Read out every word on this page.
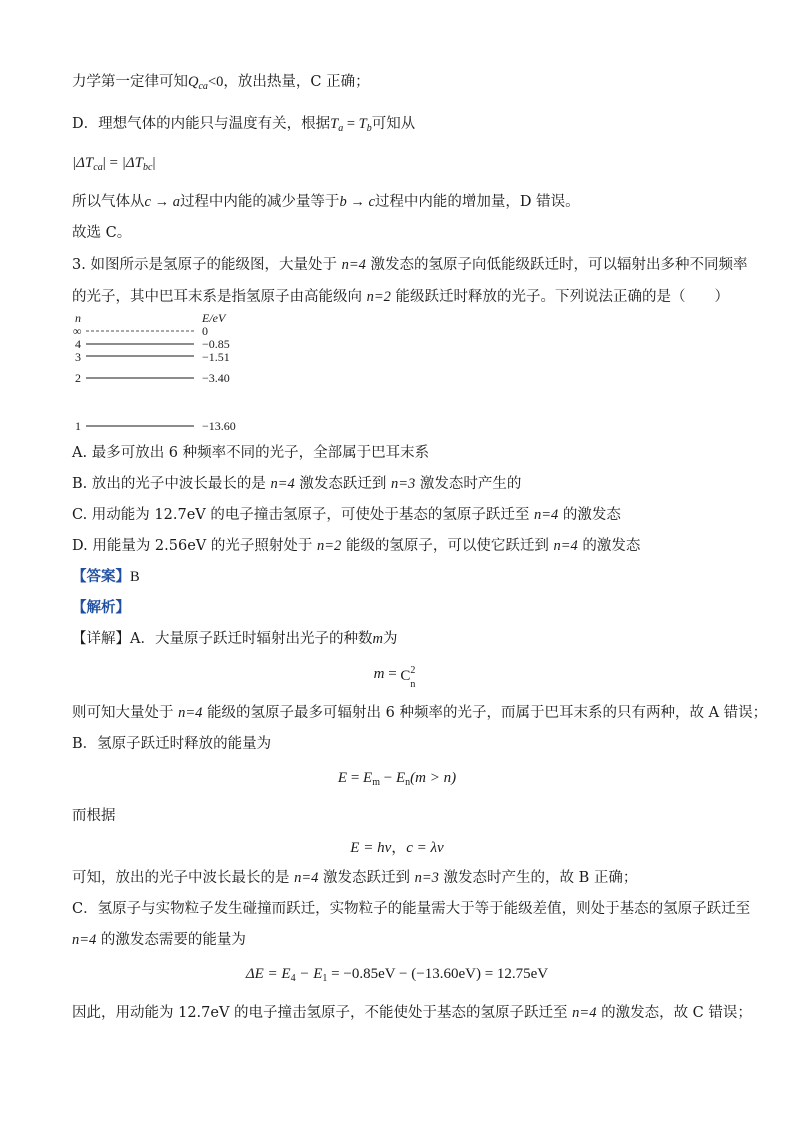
力学第一定律可知$Q_{ca}<0$，放出热量，C 正确；
D．理想气体的内能只与温度有关，根据$T_a = T_b$可知从
$|\Delta T_{ca}| = |\Delta T_{bc}|$
所以气体从c → a过程中内能的减少量等于b → c过程中内能的增加量，D 错误。
故选 C。
3. 如图所示是氢原子的能级图，大量处于 n=4 激发态的氢原子向低能级跃迁时，可以辐射出多种不同频率
的光子，其中巴耳末系是指氢原子由高能级向 n=2 能级跃迁时释放的光子。下列说法正确的是（　　）
n	E/eV
∞	0
4	−0.85
3	−1.51
2	−3.40
1	−13.60
A. 最多可放出 6 种频率不同的光子，全部属于巴耳末系
B. 放出的光子中波长最长的是 n=4 激发态跃迁到 n=3 激发态时产生的
C. 用动能为 12.7eV 的电子撞击氢原子，可使处于基态的氢原子跃迁至 n=4 的激发态
D. 用能量为 2.56eV 的光子照射处于 n=2 能级的氢原子，可以使它跃迁到 n=4 的激发态
【答案】B
【解析】
【详解】A．大量原子跃迁时辐射出光子的种数m为
m = C 2
n
则可知大量处于 n=4 能级的氢原子最多可辐射出 6 种频率的光子，而属于巴耳末系的只有两种，故 A 错误；
B．氢原子跃迁时释放的能量为
$E = E_m - E_n(m > n)$
而根据
E = hν，c = λν
可知，放出的光子中波长最长的是 n=4 激发态跃迁到 n=3 激发态时产生的，故 B 正确；
C．氢原子与实物粒子发生碰撞而跃迁，实物粒子的能量需大于等于能级差值，则处于基态的氢原子跃迁至
n=4 的激发态需要的能量为
$\Delta E = E_4 - E_1 = -0.85eV - (-13.60eV) = 12.75eV$
因此，用动能为 12.7eV 的电子撞击氢原子，不能使处于基态的氢原子跃迁至 n=4 的激发态，故 C 错误；
